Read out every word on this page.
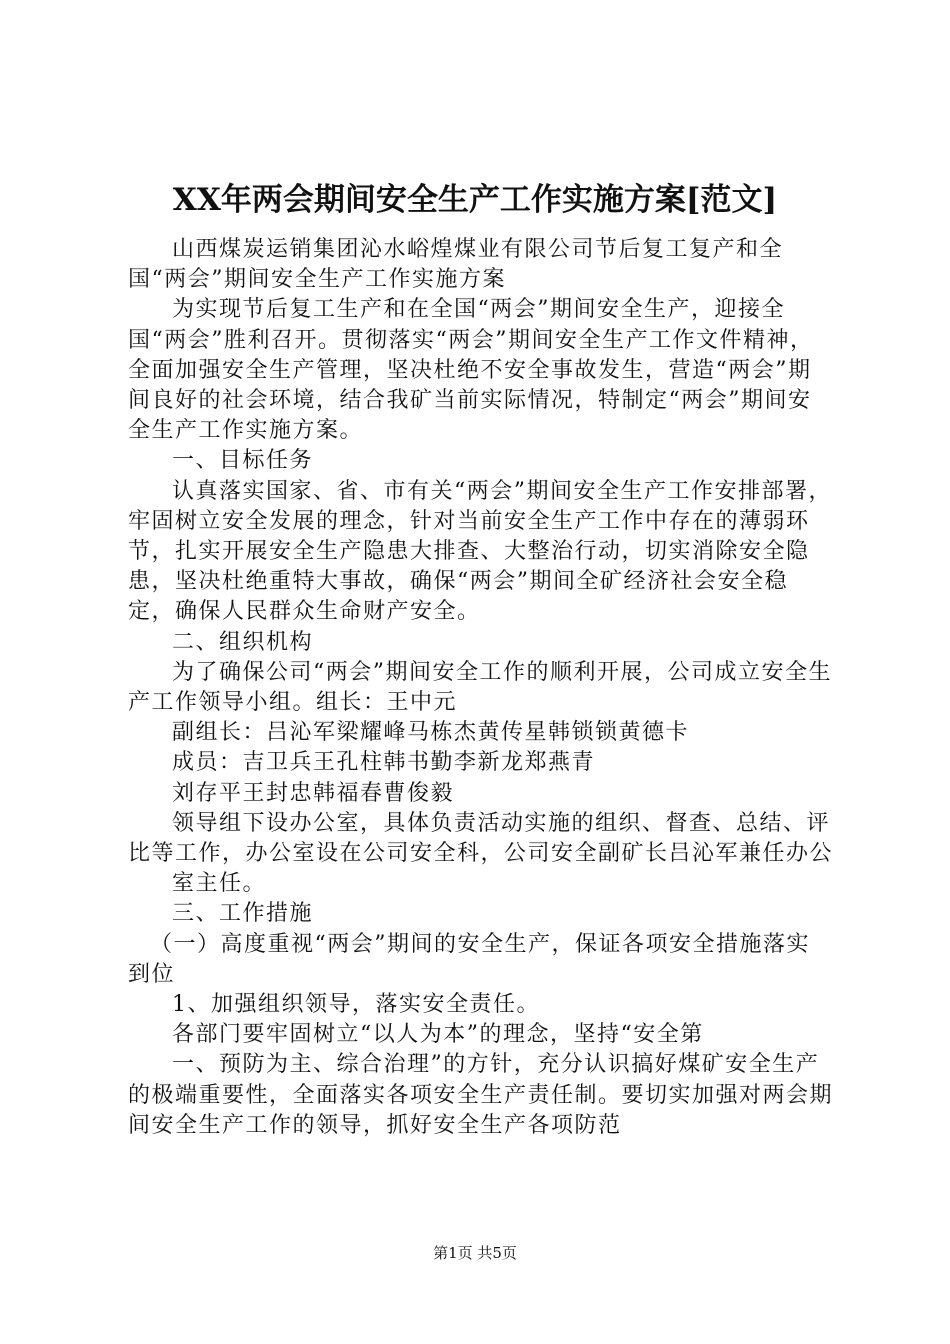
XX年两会期间安全生产工作实施方案[范文]

山西煤炭运销集团沁水峪煌煤业有限公司节后复工复产和全国“两会”期间安全生产工作实施方案

为实现节后复工生产和在全国“两会”期间安全生产，迎接全国“两会”胜利召开。贯彻落实“两会”期间安全生产工作文件精神，全面加强安全生产管理，坚决杜绝不安全事故发生，营造“两会”期间良好的社会环境，结合我矿当前实际情况，特制定“两会”期间安全生产工作实施方案。

一、目标任务

认真落实国家、省、市有关“两会”期间安全生产工作安排部署，牢固树立安全发展的理念，针对当前安全生产工作中存在的薄弱环节，扎实开展安全生产隐患大排查、大整治行动，切实消除安全隐患，坚决杜绝重特大事故，确保“两会”期间全矿经济社会安全稳定，确保人民群众生命财产安全。

二、组织机构

为了确保公司“两会”期间安全工作的顺利开展，公司成立安全生产工作领导小组。组长：王中元

副组长：吕沁军梁耀峰马栋杰黄传星韩锁锁黄德卡

成员：吉卫兵王孔柱韩书勤李新龙郑燕青

刘存平王封忠韩福春曹俊毅

领导组下设办公室，具体负责活动实施的组织、督查、总结、评比等工作，办公室设在公司安全科，公司安全副矿长吕沁军兼任办公

室主任。

三、工作措施

（一）高度重视“两会”期间的安全生产，保证各项安全措施落实到位

1、加强组织领导，落实安全责任。

各部门要牢固树立“以人为本”的理念，坚持“安全第

一、预防为主、综合治理”的方针，充分认识搞好煤矿安全生产的极端重要性，全面落实各项安全生产责任制。要切实加强对两会期间安全生产工作的领导，抓好安全生产各项防范

第1页 共5页
